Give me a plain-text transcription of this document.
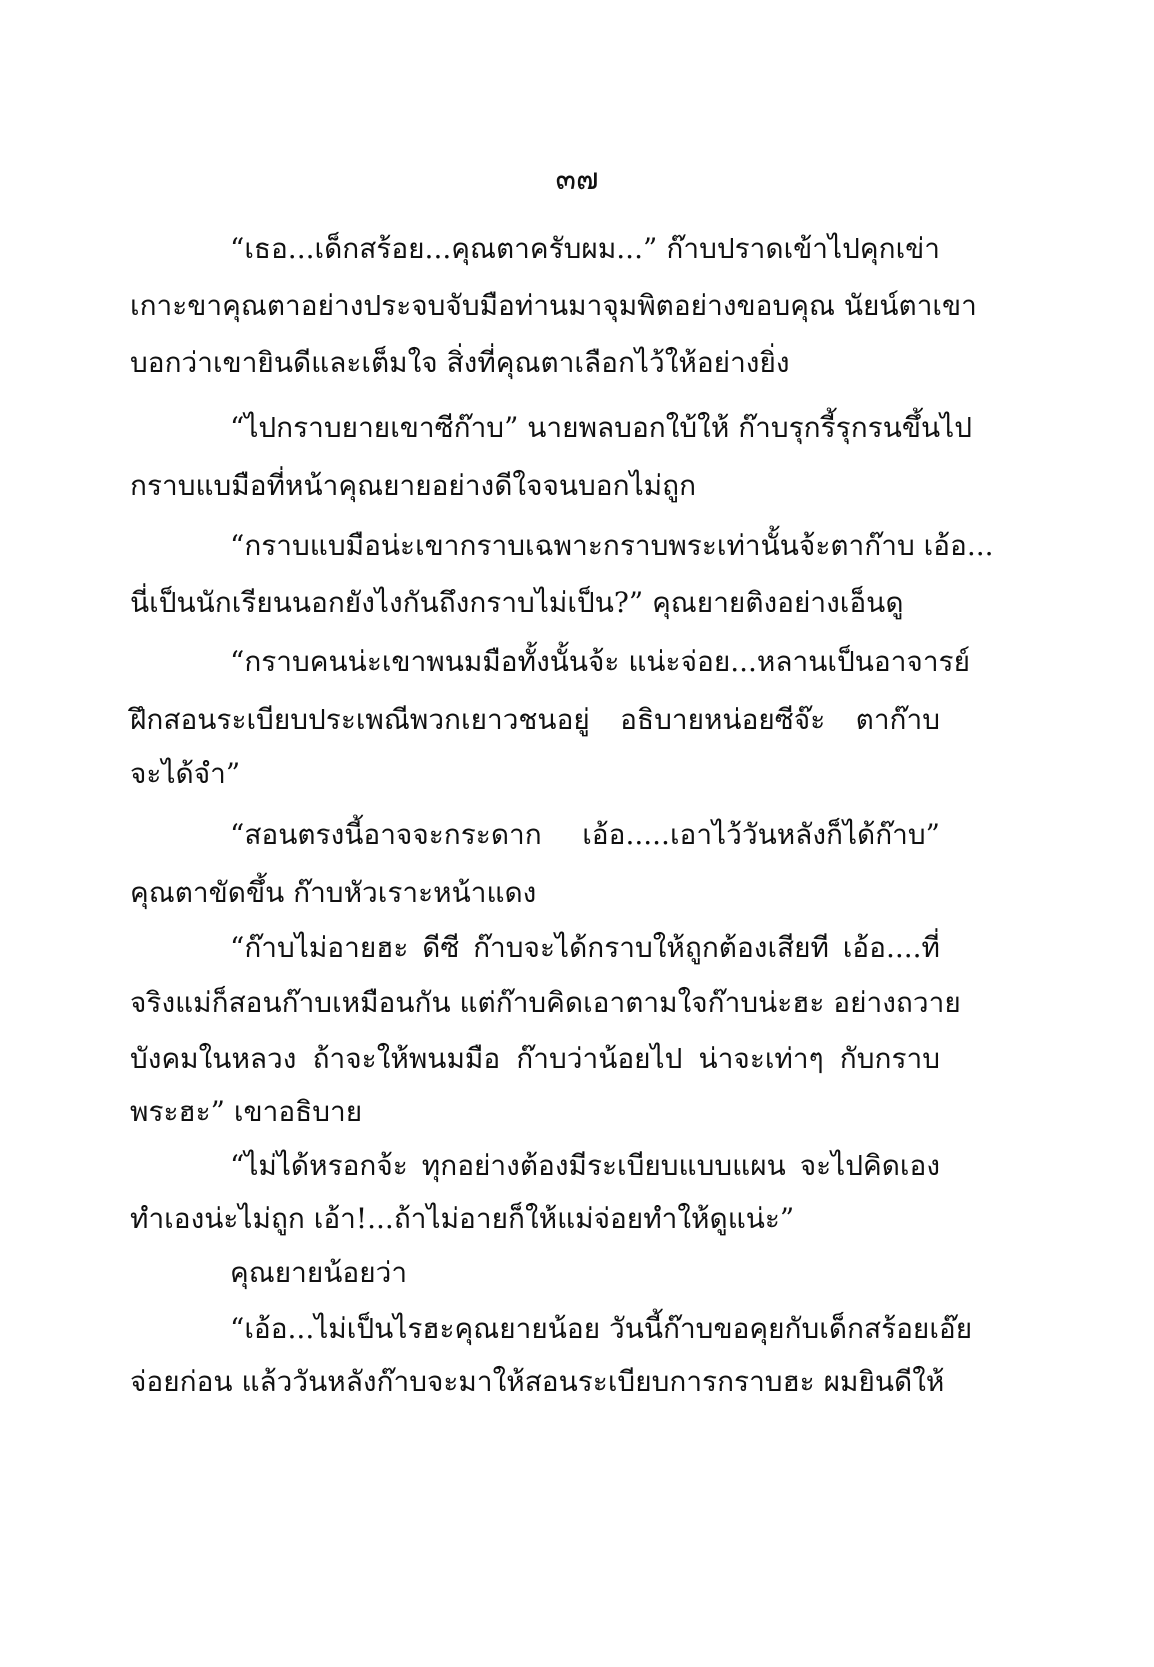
๓๗
“เธอ...เด็กสร้อย...คุณตาครับผม...” ก๊าบปราดเข้าไปคุกเข่า
เกาะขาคุณตาอย่างประจบจับมือท่านมาจุมพิตอย่างขอบคุณ นัยน์ตาเขา
บอกว่าเขายินดีและเต็มใจ สิ่งที่คุณตาเลือกไว้ให้อย่างยิ่ง
“ไปกราบยายเขาซีก๊าบ” นายพลบอกใบ้ให้ ก๊าบรุกรี้รุกรนขึ้นไป
กราบแบมือที่หน้าคุณยายอย่างดีใจจนบอกไม่ถูก
“กราบแบมือน่ะเขากราบเฉพาะกราบพระเท่านั้นจ้ะตาก๊าบ เอ้อ...
นี่เป็นนักเรียนนอกยังไงกันถึงกราบไม่เป็น?” คุณยายติงอย่างเอ็นดู
“กราบคนน่ะเขาพนมมือทั้งนั้นจ้ะ แน่ะจ่อย...หลานเป็นอาจารย์
ฝึกสอนระเบียบประเพณีพวกเยาวชนอยู่ อธิบายหน่อยซีจ๊ะ ตาก๊าบ
จะได้จำ”
“สอนตรงนี้อาจจะกระดาก เอ้อ.....เอาไว้วันหลังก็ได้ก๊าบ”
คุณตาขัดขึ้น ก๊าบหัวเราะหน้าแดง
“ก๊าบไม่อายฮะ ดีซี ก๊าบจะได้กราบให้ถูกต้องเสียที เอ้อ....ที่
จริงแม่ก็สอนก๊าบเหมือนกัน แต่ก๊าบคิดเอาตามใจก๊าบน่ะฮะ อย่างถวาย
บังคมในหลวง ถ้าจะให้พนมมือ ก๊าบว่าน้อยไป น่าจะเท่าๆ กับกราบ
พระฮะ” เขาอธิบาย
“ไม่ได้หรอกจ้ะ ทุกอย่างต้องมีระเบียบแบบแผน จะไปคิดเอง
ทำเองน่ะไม่ถูก เอ้า!...ถ้าไม่อายก็ให้แม่จ่อยทำให้ดูแน่ะ”
คุณยายน้อยว่า
“เอ้อ...ไม่เป็นไรฮะคุณยายน้อย วันนี้ก๊าบขอคุยกับเด็กสร้อยเอ๊ย
จ่อยก่อน แล้ววันหลังก๊าบจะมาให้สอนระเบียบการกราบฮะ ผมยินดีให้
